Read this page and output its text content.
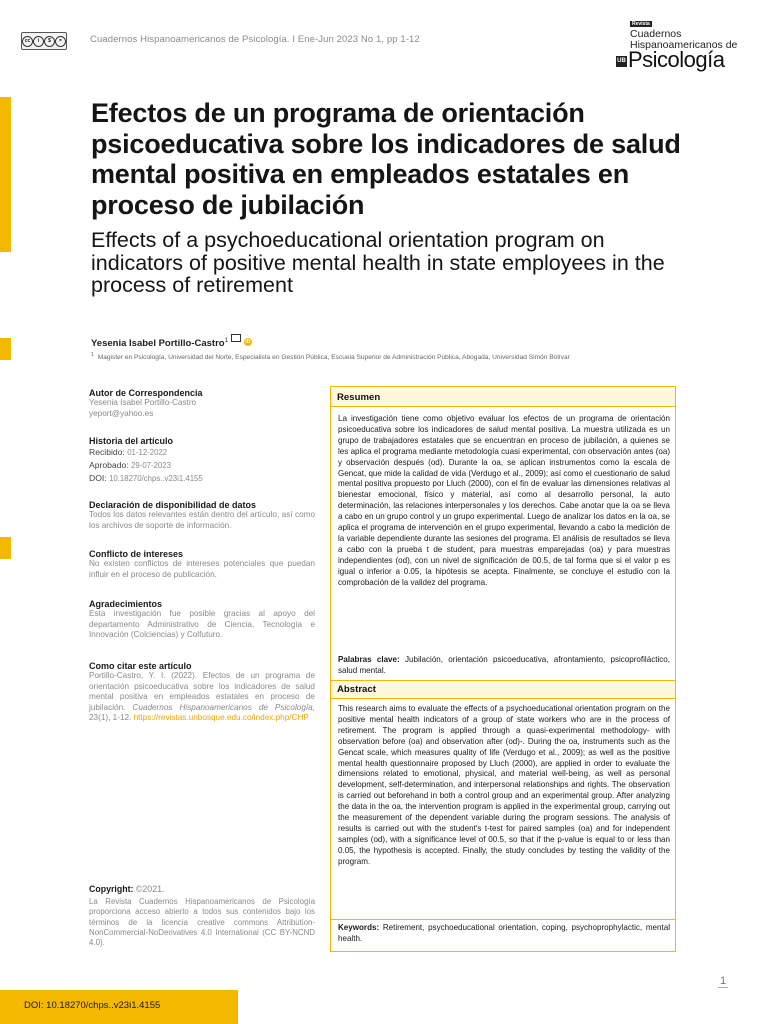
cc	i	$	=	Cuadernos Hispanoamericanos de Psicología. I Ene-Jun 2023 No 1, pp 1-12
Revista
Cuadernos
Hispanoamericanos de
UB Psicología
Efectos de un programa de orientación psicoeducativa sobre los indicadores de salud mental positiva en empleados estatales en proceso de jubilación
Effects of a psychoeducational orientation program on indicators of positive mental health in state employees in the process of retirement
Yesenia Isabel Portillo-Castro$^1$	iD
$^1$ Magister en Psicología, Universidad del Norte, Especialista en Gestión Pública, Escuela Superior de Administración Pública, Abogada, Universidad Simón Bolívar

Autor de Correspondencia

Yesenia Isabel Portillo-Castro

yeport@yahoo.es

Historia del artículo

Recibido: 01-12-2022

Aprobado: 29-07-2023

DOI: 10.18270/chps..v23i1.4155

Declaración de disponibilidad de datos

Todos los datos relevantes están dentro del artículo, así como los archivos de soporte de información.

Conflicto de intereses

No existen conflictos de intereses potenciales que puedan influir en el proceso de publicación.

Agradecimientos

Esta investigación fue posible gracias al apoyo del departamento Administrativo de Ciencia, Tecnología e Innovación (Colciencias) y Colfuturo.

Como citar este artículo

Portillo-Castro, Y. I. (2022). Efectos de un programa de orientación psicoeducativa sobre los indicadores de salud mental positiva en empleados estatales en proceso de jubilación. Cuadernos Hispanoamericanos de Psicología, 23(1), 1-12. https://revistas.unbosque.edu.co/index.php/CHP

Copyright: ©2021.

La Revista Cuadernos Hispanoamericanos de Psicología proporciona acceso abierto a todos sus contenidos bajo los términos de la licencia creative commons Attribution-NonCommercial-NoDerivatives 4.0 International (CC BY-NCND 4.0).

Resumen

La investigación tiene como objetivo evaluar los efectos de un programa de orientación psicoeducativa sobre los indicadores de salud mental positiva. La muestra utilizada es un grupo de trabajadores estatales que se encuentran en proceso de jubilación, a quienes se les aplica el programa mediante metodología cuasi experimental, con observación antes (oa) y observación después (od). Durante la oa, se aplican instrumentos como la escala de Gencat, que mide la calidad de vida (Verdugo et al., 2009); así como el cuestionario de salud mental positiva propuesto por Lluch (2000), con el fin de evaluar las dimensiones relativas al bienestar emocional, físico y material, así como al desarrollo personal, la auto determinación, las relaciones interpersonales y los derechos. Cabe anotar que la oa se lleva a cabo en un grupo control y un grupo experimental. Luego de analizar los datos en la oa, se aplica el programa de intervención en el grupo experimental, llevando a cabo la medición de la variable dependiente durante las sesiones del programa. El análisis de resultados se lleva a cabo con la prueba t de student, para muestras emparejadas (oa) y para muestras independientes (od), con un nivel de significación de 00.5, de tal forma que si el valor p es igual o inferior a 0.05, la hipótesis se acepta. Finalmente, se concluye el estudio con la comprobación de la validez del programa.

Palabras clave: Jubilación, orientación psicoeducativa, afrontamiento, psicoprofiláctico, salud mental.

Abstract

This research aims to evaluate the effects of a psychoeducational orientation program on the positive mental health indicators of a group of state workers who are in the process of retirement. The program is applied through a quasi-experimental methodology- with observation before (oa) and observation after (od)-. During the oa, instruments such as the Gencat scale, which measures quality of life (Verdugo et al., 2009); as well as the positive mental health questionnaire proposed by Lluch (2000), are applied in order to evaluate the dimensions related to emotional, physical, and material well-being, as well as personal development, self-determination, and interpersonal relationships and rights. The observation is carried out beforehand in both a control group and an experimental group. After analyzing the data in the oa, the intervention program is applied in the experimental group, carrying out the measurement of the dependent variable during the program sessions. The analysis of results is carried out with the student's t-test for paired samples (oa) and for independent samples (od), with a significance level of 00.5, so that if the p-value is equal to or less than 0.05, the hypothesis is accepted. Finally, the study concludes by testing the validity of the program.

Keywords: Retirement, psychoeducational orientation, coping, psychoprophylactic, mental health.

DOI: 10.18270/chps..v23i1.4155
1
